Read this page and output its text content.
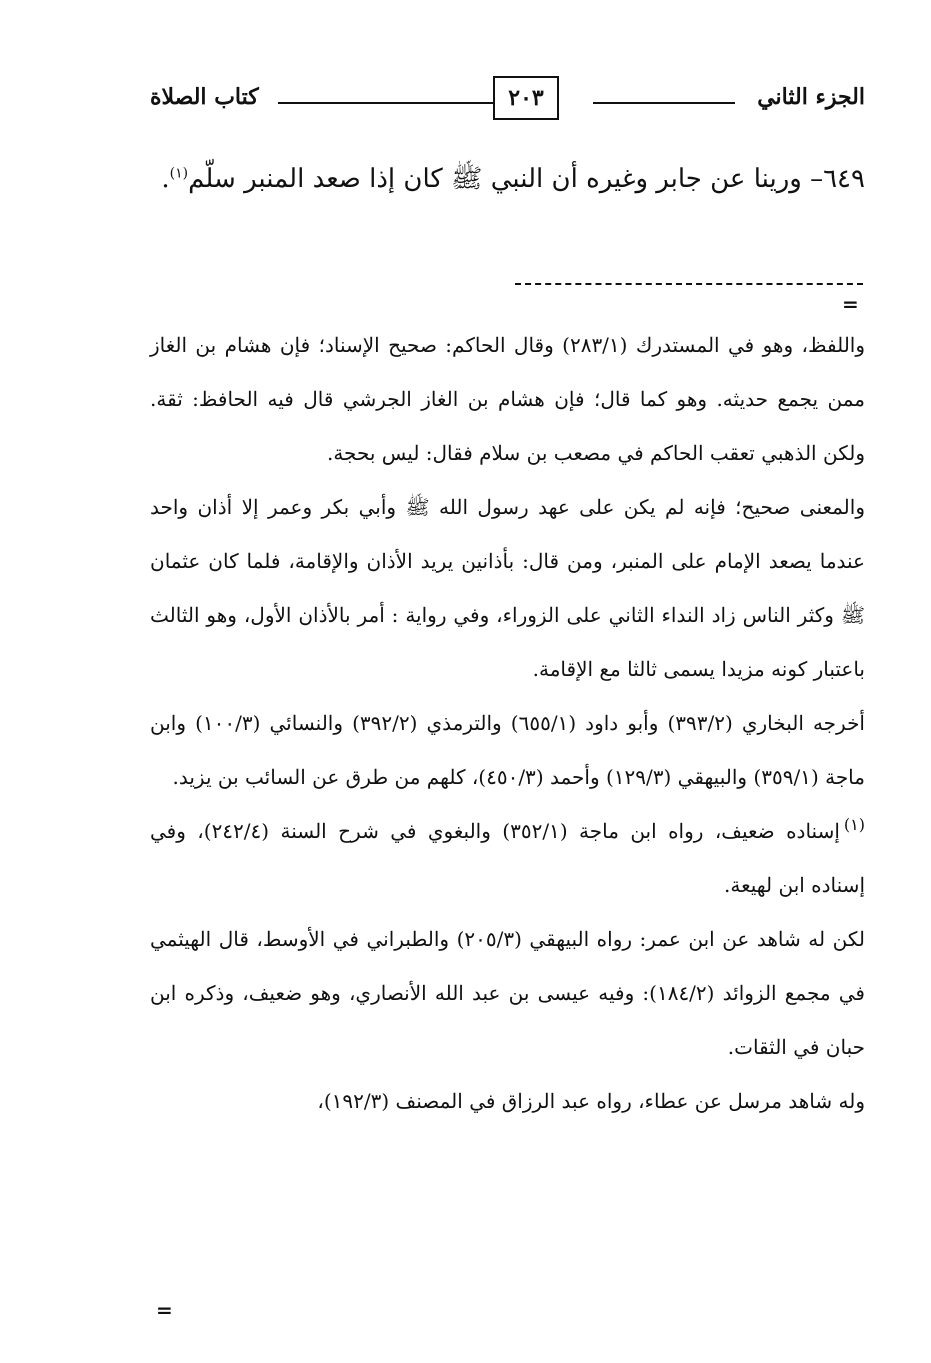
الجزء الثاني
٢٠٣
كتاب الصلاة

٦٤٩– ورينا عن جابر وغيره أن النبي ﷺ كان إذا صعد المنبر سلّم$^{(١)}$.

=

واللفظ، وهو في المستدرك (٢٨٣/١) وقال الحاكم: صحيح الإسناد؛ فإن هشام بن الغاز ممن يجمع حديثه. وهو كما قال؛ فإن هشام بن الغاز الجرشي قال فيه الحافظ: ثقة. ولكن الذهبي تعقب الحاكم في مصعب بن سلام فقال: ليس بحجة.

والمعنى صحيح؛ فإنه لم يكن على عهد رسول الله ﷺ وأبي بكر وعمر إلا أذان واحد عندما يصعد الإمام على المنبر، ومن قال: بأذانين يريد الأذان والإقامة، فلما كان عثمان ﷺ وكثر الناس زاد النداء الثاني على الزوراء، وفي رواية : أمر بالأذان الأول، وهو الثالث باعتبار كونه مزيدا يسمى ثالثا مع الإقامة.

أخرجه البخاري (٣٩٣/٢) وأبو داود (٦٥٥/١) والترمذي (٣٩٢/٢) والنسائي (١٠٠/٣) وابن ماجة (٣٥٩/١) والبيهقي (١٢٩/٣) وأحمد (٤٥٠/٣)، كلهم من طرق عن السائب بن يزيد.

(١)إسناده ضعيف، رواه ابن ماجة (٣٥٢/١) والبغوي في شرح السنة (٢٤٢/٤)، وفي إسناده ابن لهيعة.

لكن له شاهد عن ابن عمر: رواه البيهقي (٢٠٥/٣) والطبراني في الأوسط، قال الهيثمي في مجمع الزوائد (١٨٤/٢): وفيه عيسى بن عبد الله الأنصاري، وهو ضعيف، وذكره ابن حبان في الثقات.

وله شاهد مرسل عن عطاء، رواه عبد الرزاق في المصنف (١٩٢/٣)،

=
